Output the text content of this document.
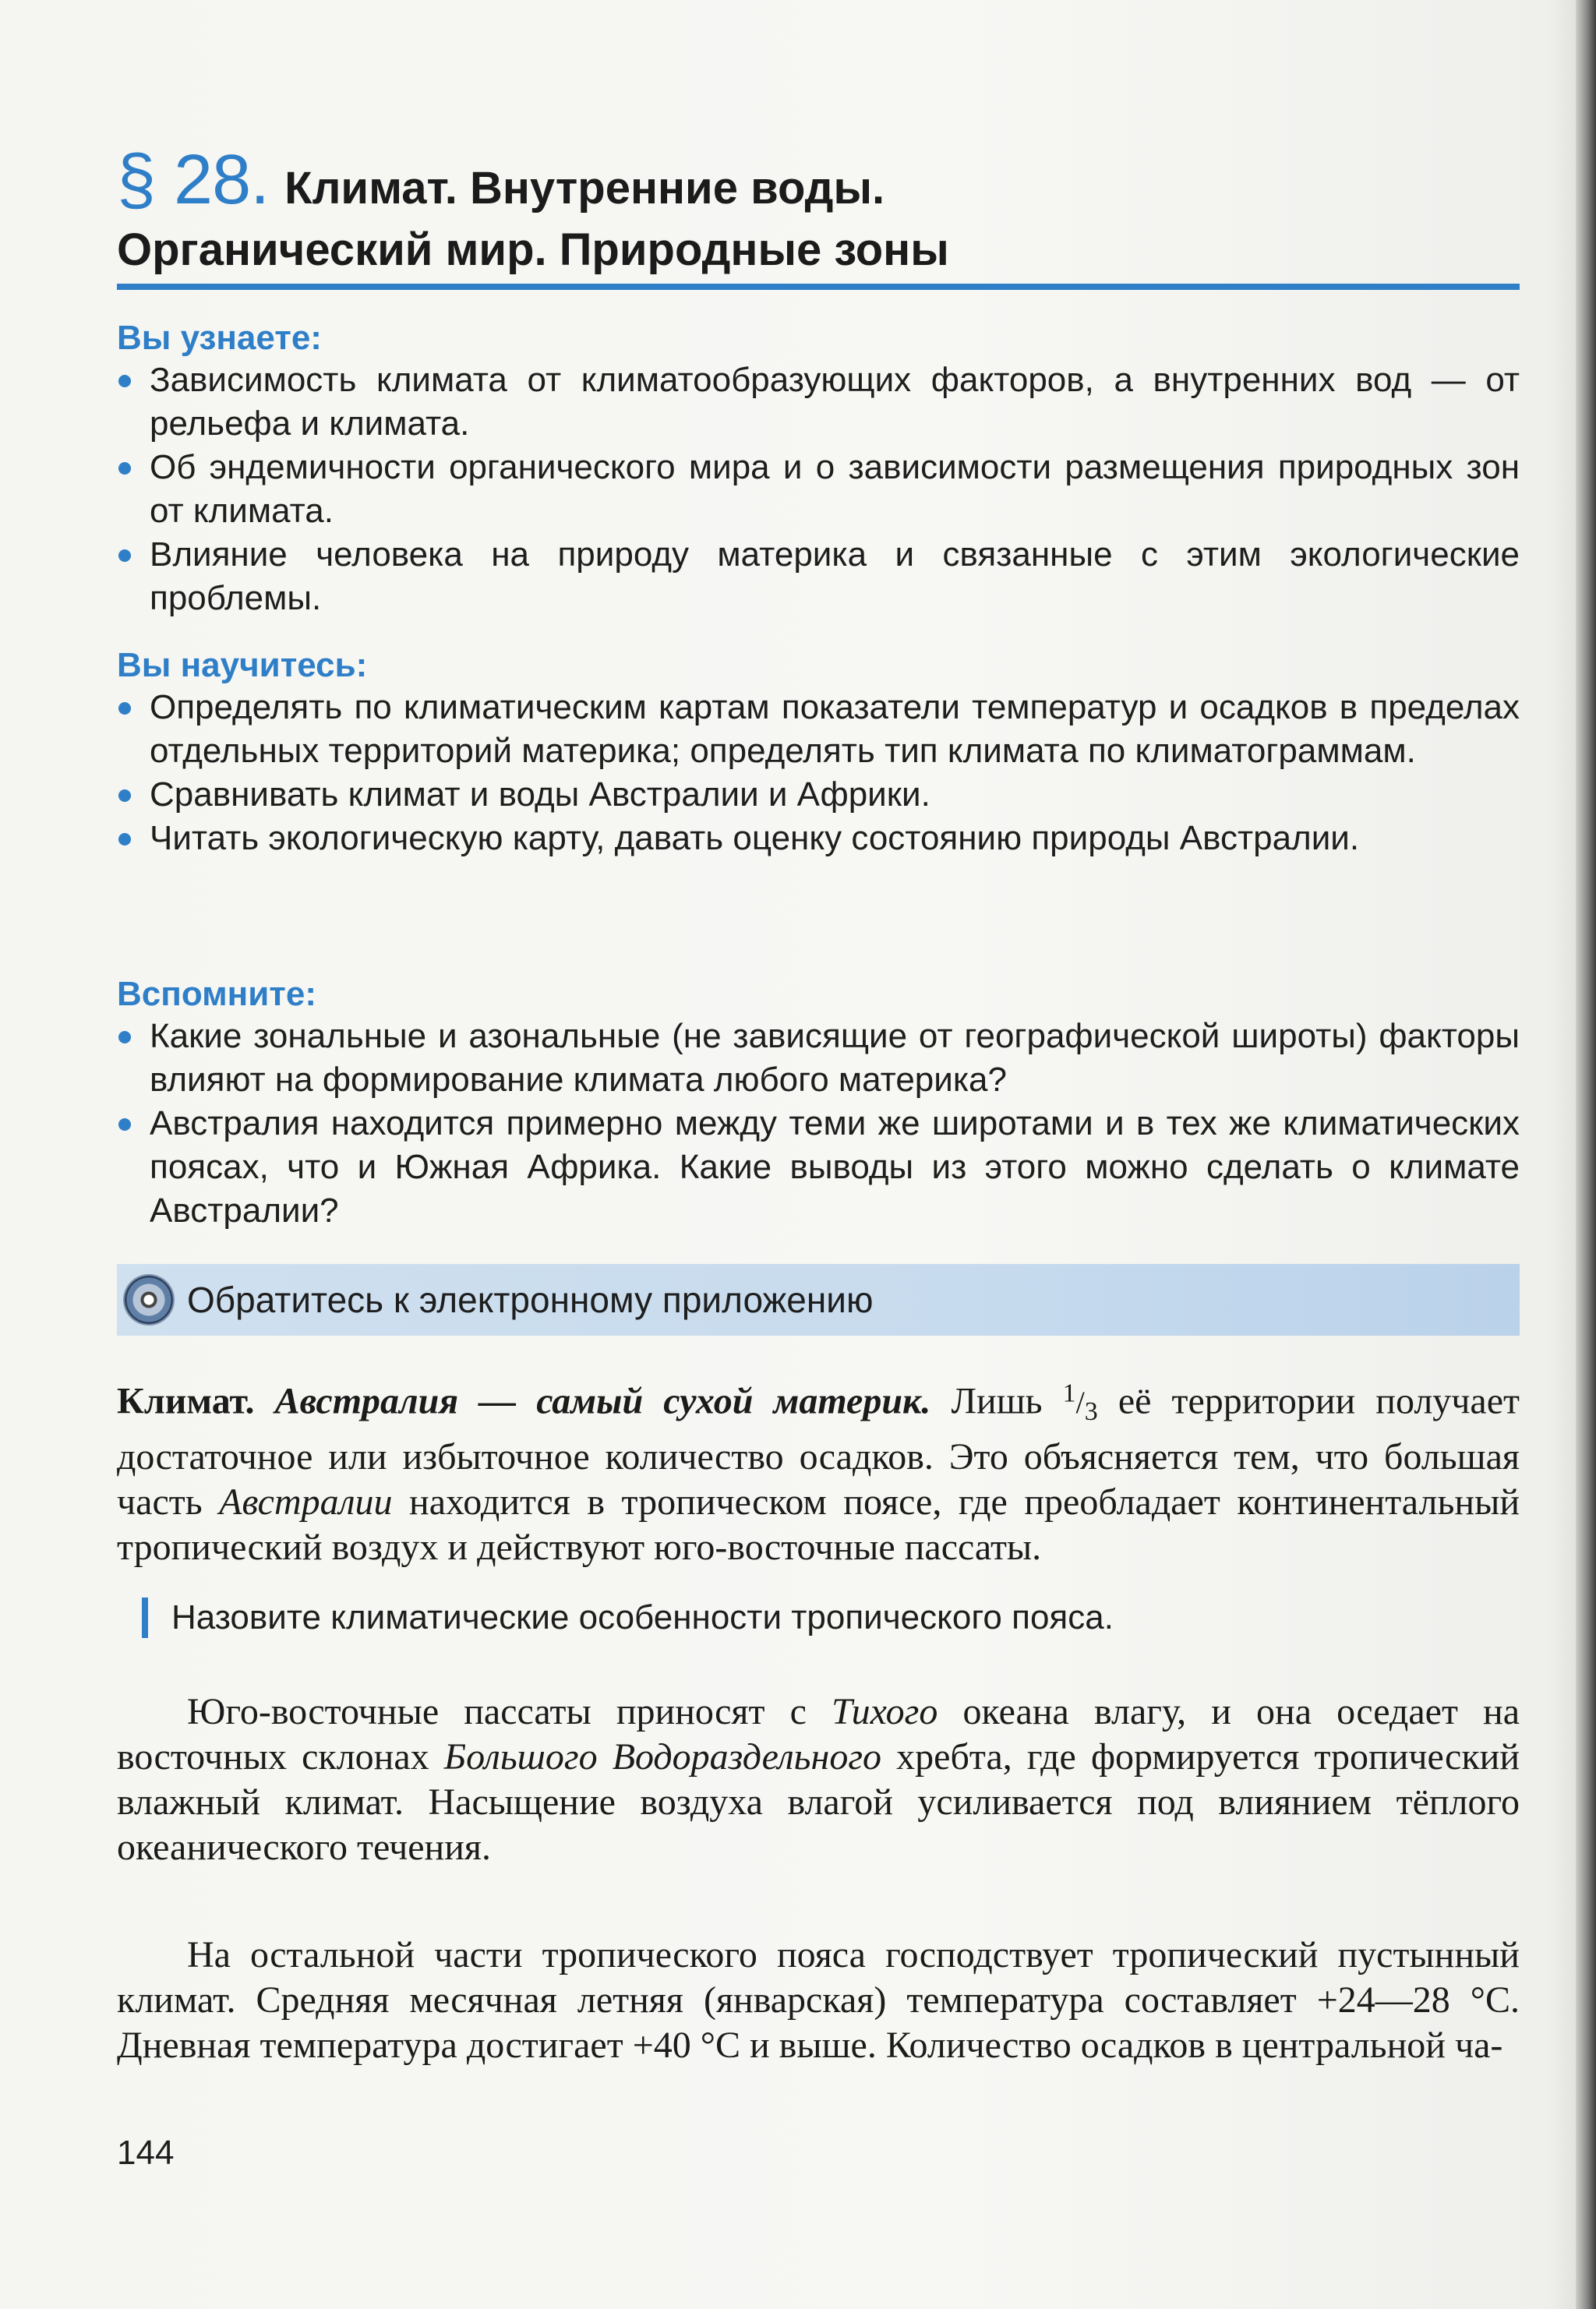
§ 28. Климат. Внутренние воды.
Органический мир. Природные зоны
Вы узнаете:
Зависимость климата от климатообразующих факторов, а внутренних вод — от рельефа и климата.
Об эндемичности органического мира и о зависимости размещения природных зон от климата.
Влияние человека на природу материка и связанные с этим экологические проблемы.
Вы научитесь:
Определять по климатическим картам показатели температур и осадков в пределах отдельных территорий материка; определять тип климата по климатограммам.
Сравнивать климат и воды Австралии и Африки.
Читать экологическую карту, давать оценку состоянию природы Австралии.
Вспомните:
Какие зональные и азональные (не зависящие от географической широты) факторы влияют на формирование климата любого материка?
Австралия находится примерно между теми же широтами и в тех же климатических поясах, что и Южная Африка. Какие выводы из этого можно сделать о климате Австралии?
Обратитесь к электронному приложению
Климат. Австралия — самый сухой материк. Лишь $^1/_3$ её территории получает достаточное или избыточное количество осадков. Это объясняется тем, что большая часть Австралии находится в тропическом поясе, где преобладает континентальный тропический воздух и действуют юго-восточные пассаты.
Назовите климатические особенности тропического пояса.
Юго-восточные пассаты приносят с Тихого океана влагу, и она оседает на восточных склонах Большого Водораздельного хребта, где формируется тропический влажный климат. Насыщение воздуха влагой усиливается под влиянием тёплого океанического течения.
На остальной части тропического пояса господствует тропический пустынный климат. Средняя месячная летняя (январская) температура составляет +24—28 °С. Дневная температура достигает +40 °С и выше. Количество осадков в центральной ча-
144
